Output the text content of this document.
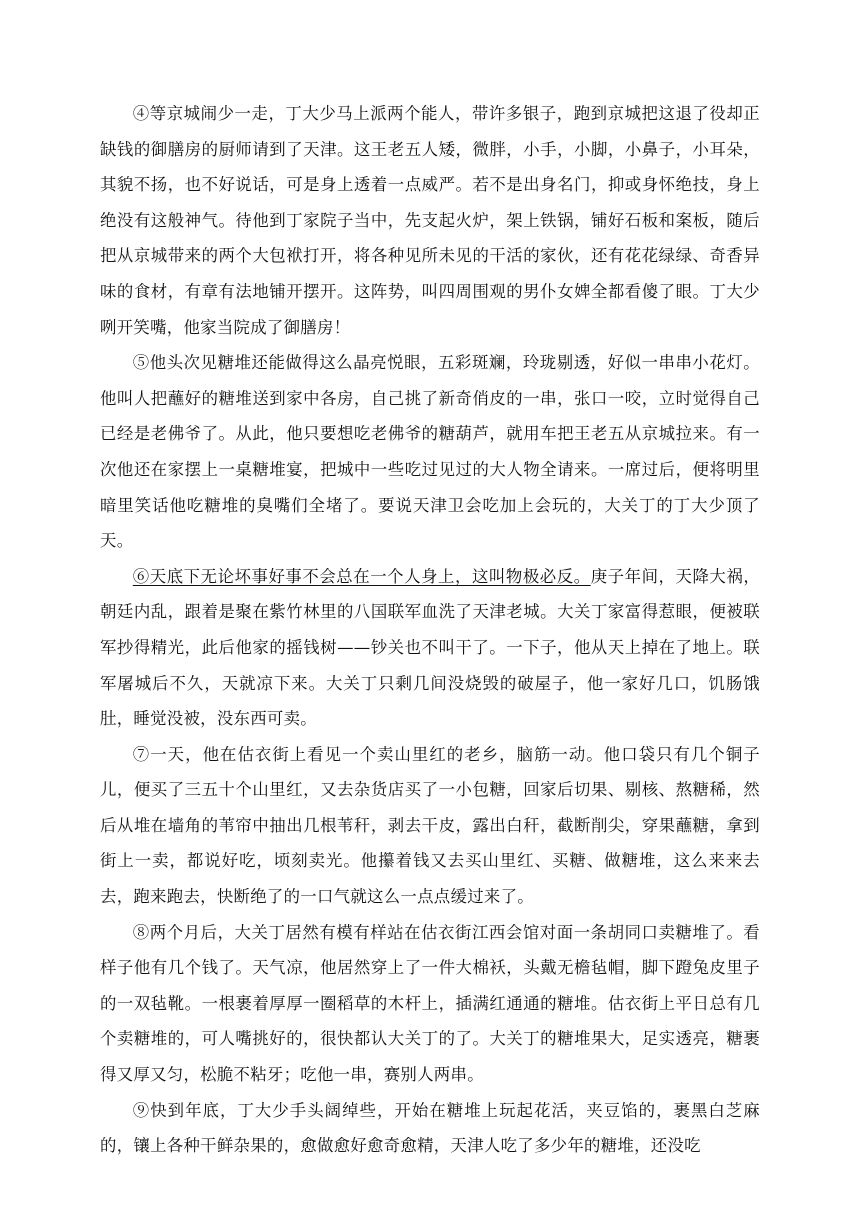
④等京城闹少一走，丁大少马上派两个能人，带许多银子，跑到京城把这退了役却正缺钱的御膳房的厨师请到了天津。这王老五人矮，微胖，小手，小脚，小鼻子，小耳朵，其貌不扬，也不好说话，可是身上透着一点威严。若不是出身名门，抑或身怀绝技，身上绝没有这般神气。待他到丁家院子当中，先支起火炉，架上铁锅，铺好石板和案板，随后把从京城带来的两个大包袱打开，将各种见所未见的干活的家伙，还有花花绿绿、奇香异味的食材，有章有法地铺开摆开。这阵势，叫四周围观的男仆女婢全都看傻了眼。丁大少咧开笑嘴，他家当院成了御膳房！

⑤他头次见糖堆还能做得这么晶亮悦眼，五彩斑斓，玲珑剔透，好似一串串小花灯。他叫人把蘸好的糖堆送到家中各房，自己挑了新奇俏皮的一串，张口一咬，立时觉得自己已经是老佛爷了。从此，他只要想吃老佛爷的糖葫芦，就用车把王老五从京城拉来。有一次他还在家摆上一桌糖堆宴，把城中一些吃过见过的大人物全请来。一席过后，便将明里暗里笑话他吃糖堆的臭嘴们全堵了。要说天津卫会吃加上会玩的，大关丁的丁大少顶了天。

⑥天底下无论坏事好事不会总在一个人身上，这叫物极必反。庚子年间，天降大祸，朝廷内乱，跟着是聚在紫竹林里的八国联军血洗了天津老城。大关丁家富得惹眼，便被联军抄得精光，此后他家的摇钱树——钞关也不叫干了。一下子，他从天上掉在了地上。联军屠城后不久，天就凉下来。大关丁只剩几间没烧毁的破屋子，他一家好几口，饥肠饿肚，睡觉没被，没东西可卖。

⑦一天，他在估衣街上看见一个卖山里红的老乡，脑筋一动。他口袋只有几个铜子儿，便买了三五十个山里红，又去杂货店买了一小包糖，回家后切果、剔核、熬糖稀，然后从堆在墙角的苇帘中抽出几根苇秆，剥去干皮，露出白秆，截断削尖，穿果蘸糖，拿到街上一卖，都说好吃，顷刻卖光。他攥着钱又去买山里红、买糖、做糖堆，这么来来去去，跑来跑去，快断绝了的一口气就这么一点点缓过来了。

⑧两个月后，大关丁居然有模有样站在估衣街江西会馆对面一条胡同口卖糖堆了。看样子他有几个钱了。天气凉，他居然穿上了一件大棉袄，头戴无檐毡帽，脚下蹬兔皮里子的一双毡靴。一根裹着厚厚一圈稻草的木杆上，插满红通通的糖堆。估衣街上平日总有几个卖糖堆的，可人嘴挑好的，很快都认大关丁的了。大关丁的糖堆果大，足实透亮，糖裹得又厚又匀，松脆不粘牙；吃他一串，赛别人两串。

⑨快到年底，丁大少手头阔绰些，开始在糖堆上玩起花活，夹豆馅的，裹黑白芝麻的，镶上各种干鲜杂果的，愈做愈好愈奇愈精，天津人吃了多少年的糖堆，还没吃
